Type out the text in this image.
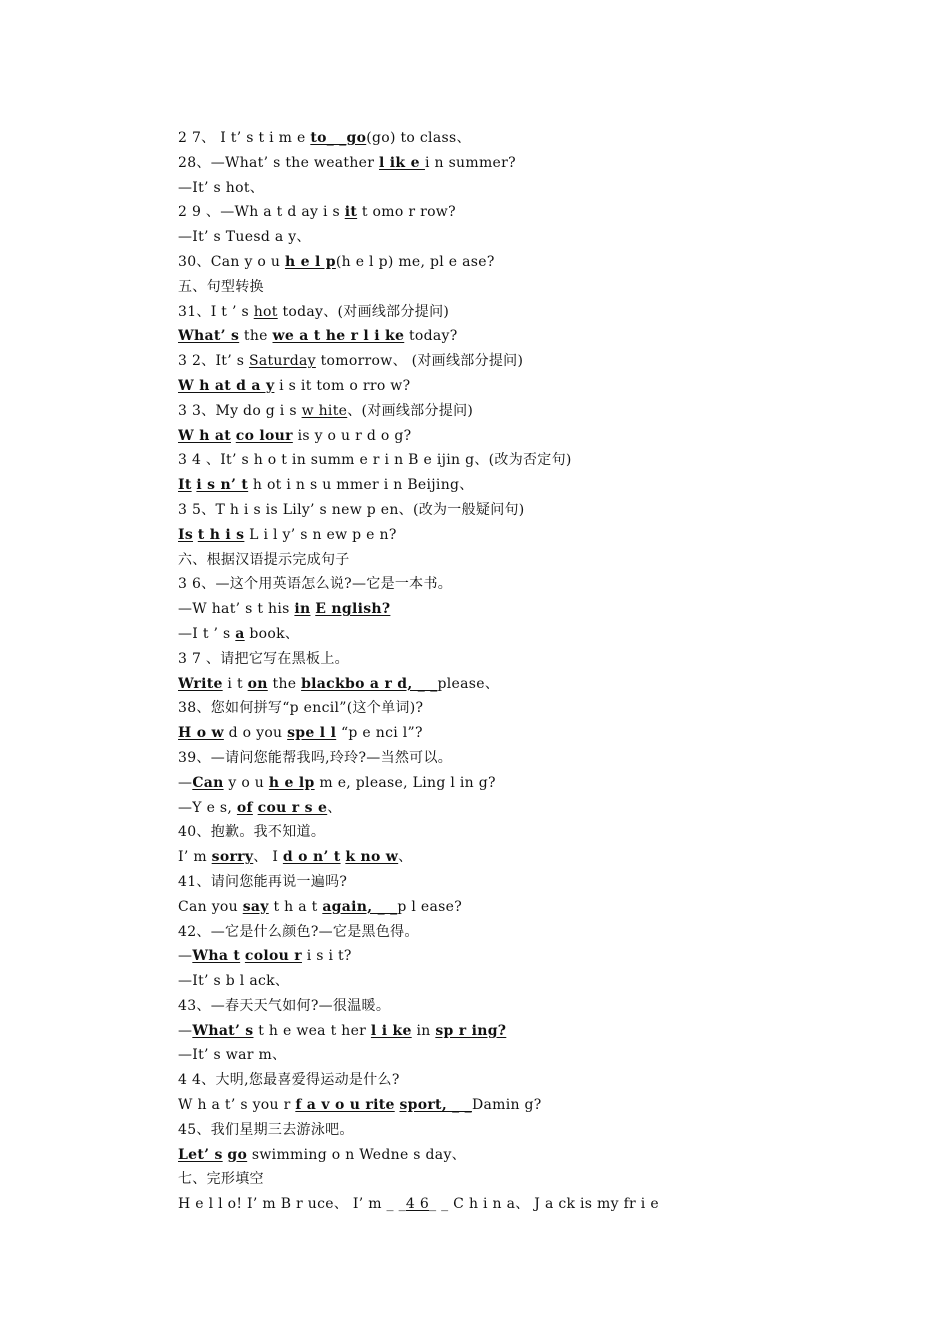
2 7、 I t’ s t i m e to_ _go(go) to class、
28、—What’ s the weather l ik e i n summer?
—It’ s hot、
2 9 、—Wh a t d ay i s it t omo r row?
—It’ s Tuesd a y、
30、Can y o u h e l p(h e l p) me, pl e ase?
五、句型转换
31、I t ’ s hot today、(对画线部分提问)
What’ s the we a t he r l i ke today?
3 2、It’ s Saturday tomorrow、 (对画线部分提问)
W h at d a y i s it tom o rro w?
3 3、My do g i s w hite、(对画线部分提问)
W h at co lour is y o u r d o g?
3 4 、It’ s h o t in summ e r i n B e ijin g、(改为否定句)
It i s n’ t h ot i n s u mmer i n Beijing、
3 5、T h i s is Lily’ s new p en、(改为一般疑问句)
Is t h i s L i l y’ s n ew p e n?
六、根据汉语提示完成句子
3 6、—这个用英语怎么说?—它是一本书。
—W hat’ s t his in E nglish?
—I t ’ s a book、
3 7 、请把它写在黑板上。
Write i t on the blackbo a r d, _ _please、
38、您如何拼写“p encil”(这个单词)?
H o w d o you spe l l “p e nci l”?
39、—请问您能帮我吗,玲玲?—当然可以。
—Can y o u h e lp m e, please, Ling l in g?
—Y e s, of cou r s e、
40、抱歉。我不知道。
I’ m sorry、 I d o n’ t k no w、
41、请问您能再说一遍吗?
Can you say t h a t again, _ _p l ease?
42、—它是什么颜色?—它是黑色得。
—Wha t colou r i s i t?
—It’ s b l ack、
43、—春天天气如何?—很温暖。
—What’ s t h e wea t her l i ke in sp r ing?
—It’ s war m、
4 4、大明,您最喜爱得运动是什么?
W h a t’ s you r f a v o u rite sport, _ _Damin g?
45、我们星期三去游泳吧。
Let’ s go swimming o n Wedne s day、
七、完形填空
H e l l o! I’ m B r uce、 I’ m _ _4 6_ _ C h i n a、 J a ck is my fr i e
